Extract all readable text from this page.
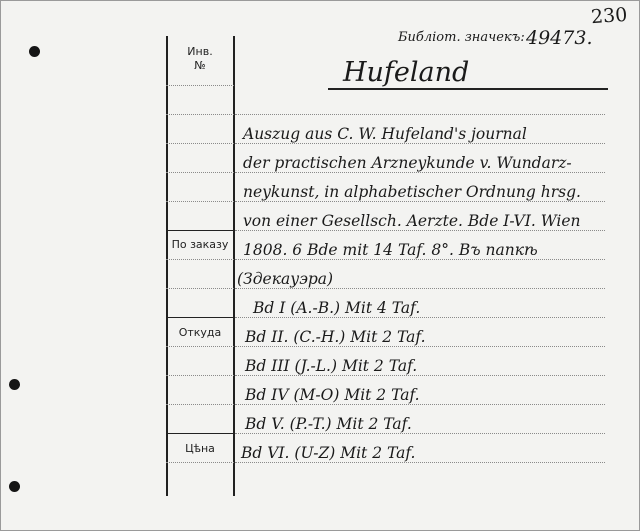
230
Библіот. значекъ: 49473.
Инв.
№
По заказу
Откуда
Цѣна
Hufeland
Auszug aus C. W. Hufeland's journal
der practischen Arzneykunde v. Wundarz-
neykunst, in alphabetischer Ordnung hrsg.
von einer Gesellsch. Aerzte. Bde I-VI. Wien
1808. 6 Bde mit 14 Taf. 8°. Въ папкѣ
(Здекауэра)
Bd I (A.-B.) Mit 4 Taf.
Bd II. (C.-H.) Mit 2 Taf.
Bd III (J.-L.) Mit 2 Taf.
Bd IV (M-O) Mit 2 Taf.
Bd V. (P.-T.) Mit 2 Taf.
Bd VI. (U-Z) Mit 2 Taf.
